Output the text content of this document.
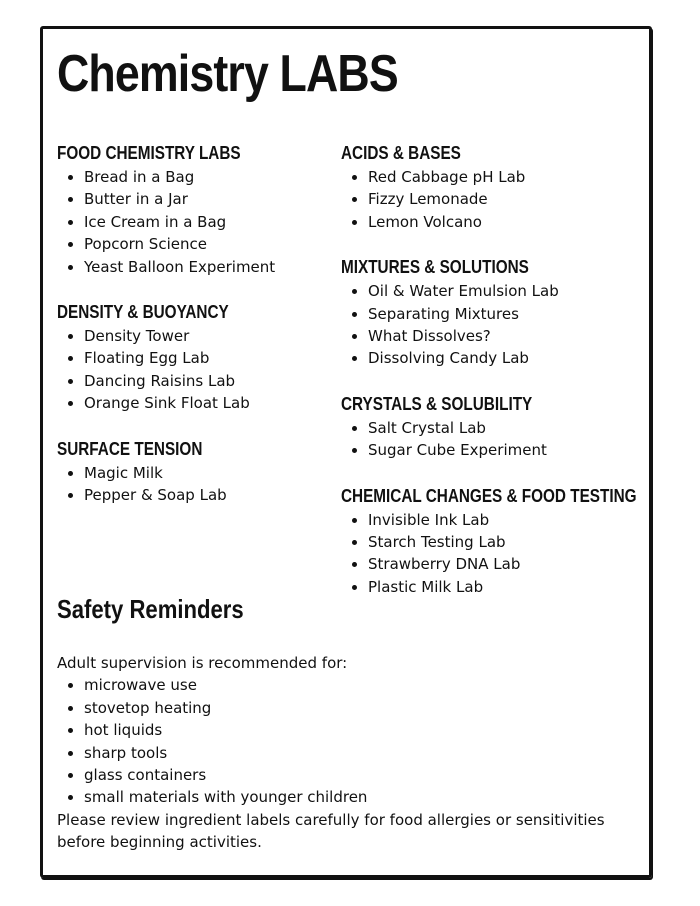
Chemistry LABS
FOOD CHEMISTRY LABS
Bread in a Bag
Butter in a Jar
Ice Cream in a Bag
Popcorn Science
Yeast Balloon Experiment
DENSITY & BUOYANCY
Density Tower
Floating Egg Lab
Dancing Raisins Lab
Orange Sink Float Lab
SURFACE TENSION
Magic Milk
Pepper & Soap Lab
ACIDS & BASES
Red Cabbage pH Lab
Fizzy Lemonade
Lemon Volcano
MIXTURES & SOLUTIONS
Oil & Water Emulsion Lab
Separating Mixtures
What Dissolves?
Dissolving Candy Lab
CRYSTALS & SOLUBILITY
Salt Crystal Lab
Sugar Cube Experiment
CHEMICAL CHANGES & FOOD TESTING
Invisible Ink Lab
Starch Testing Lab
Strawberry DNA Lab
Plastic Milk Lab
Safety Reminders

Adult supervision is recommended for:

microwave use
stovetop heating
hot liquids
sharp tools
glass containers
small materials with younger children

Please review ingredient labels carefully for food allergies or sensitivities before beginning activities.
